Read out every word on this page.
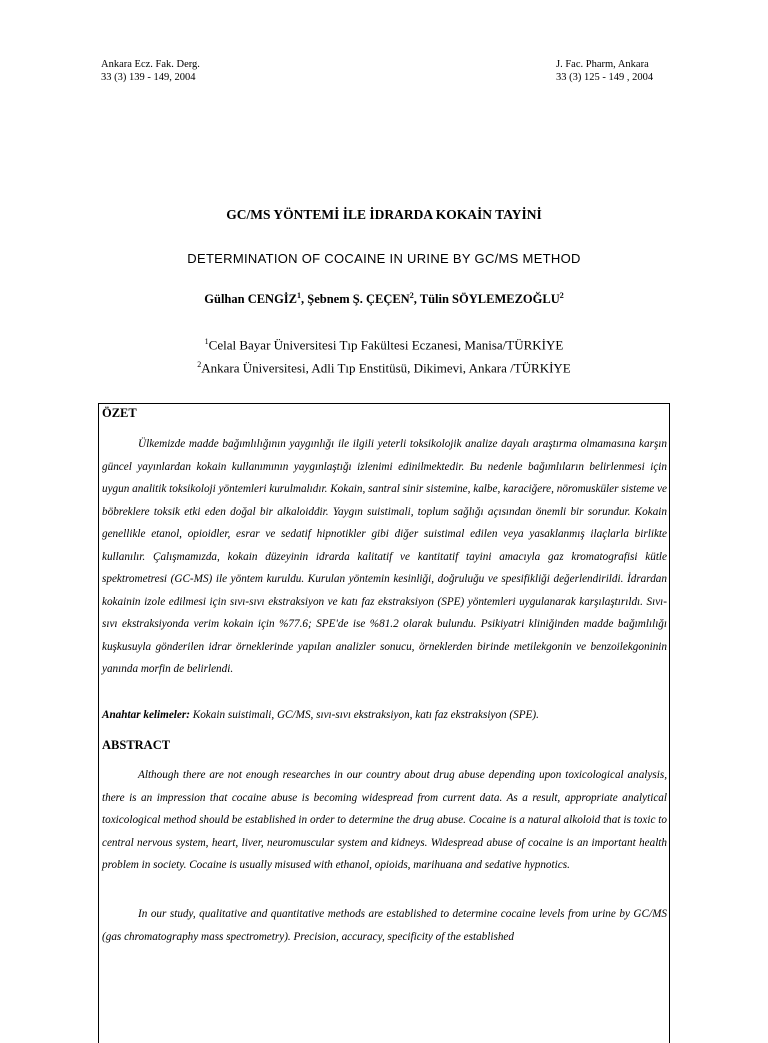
Ankara Ecz. Fak. Derg.
33 (3) 139 - 149, 2004
J. Fac. Pharm, Ankara
33 (3) 125 - 149 , 2004
GC/MS YÖNTEMİ İLE İDRARDA KOKAİN TAYİNİ
DETERMINATION OF COCAINE IN URINE BY GC/MS METHOD
Gülhan CENGİZ$^1$, Şebnem Ş. ÇEÇEN$^2$, Tülin SÖYLEMEZOĞLU$^2$
$^1$Celal Bayar Üniversitesi Tıp Fakültesi Eczanesi, Manisa/TÜRKİYE
$^2$Ankara Üniversitesi, Adli Tıp Enstitüsü, Dikimevi, Ankara /TÜRKİYE
ÖZET
Ülkemizde madde bağımlılığının yaygınlığı ile ilgili yeterli toksikolojik analize dayalı araştırma olmamasına karşın güncel yayınlardan kokain kullanımının yaygınlaştığı izlenimi edinilmektedir. Bu nedenle bağımlıların belirlenmesi için uygun analitik toksikoloji yöntemleri kurulmalıdır. Kokain, santral sinir sistemine, kalbe, karaciğere, nöromusküler sisteme ve böbreklere toksik etki eden doğal bir alkaloiddir. Yaygın suistimali, toplum sağlığı açısından önemli bir sorundur. Kokain genellikle etanol, opioidler, esrar ve sedatif hipnotikler gibi diğer suistimal edilen veya yasaklanmış ilaçlarla birlikte kullanılır. Çalışmamızda, kokain düzeyinin idrarda kalitatif ve kantitatif tayini amacıyla gaz kromatografisi kütle spektrometresi (GC-MS) ile yöntem kuruldu. Kurulan yöntemin kesinliği, doğruluğu ve spesifikliği değerlendirildi. İdrardan kokainin izole edilmesi için sıvı-sıvı ekstraksiyon ve katı faz ekstraksiyon (SPE) yöntemleri uygulanarak karşılaştırıldı. Sıvı-sıvı ekstraksiyonda verim kokain için %77.6; SPE'de ise %81.2 olarak bulundu. Psikiyatri kliniğinden madde bağımlılığı kuşkusuyla gönderilen idrar örneklerinde yapılan analizler sonucu, örneklerden birinde metilekgonin ve benzoilekgoninin yanında morfin de belirlendi.
Anahtar kelimeler: Kokain suistimali, GC/MS, sıvı-sıvı ekstraksiyon, katı faz ekstraksiyon (SPE).
ABSTRACT
Although there are not enough researches in our country about drug abuse depending upon toxicological analysis, there is an impression that cocaine abuse is becoming widespread from current data. As a result, appropriate analytical toxicological method should be established in order to determine the drug abuse. Cocaine is a natural alkoloid that is toxic to central nervous system, heart, liver, neuromuscular system and kidneys. Widespread abuse of cocaine is an important health problem in society. Cocaine is usually misused with ethanol, opioids, marihuana and sedative hypnotics.
In our study, qualitative and quantitative methods are established to determine cocaine levels from urine by GC/MS (gas chromatography mass spectrometry). Precision, accuracy, specificity of the established
